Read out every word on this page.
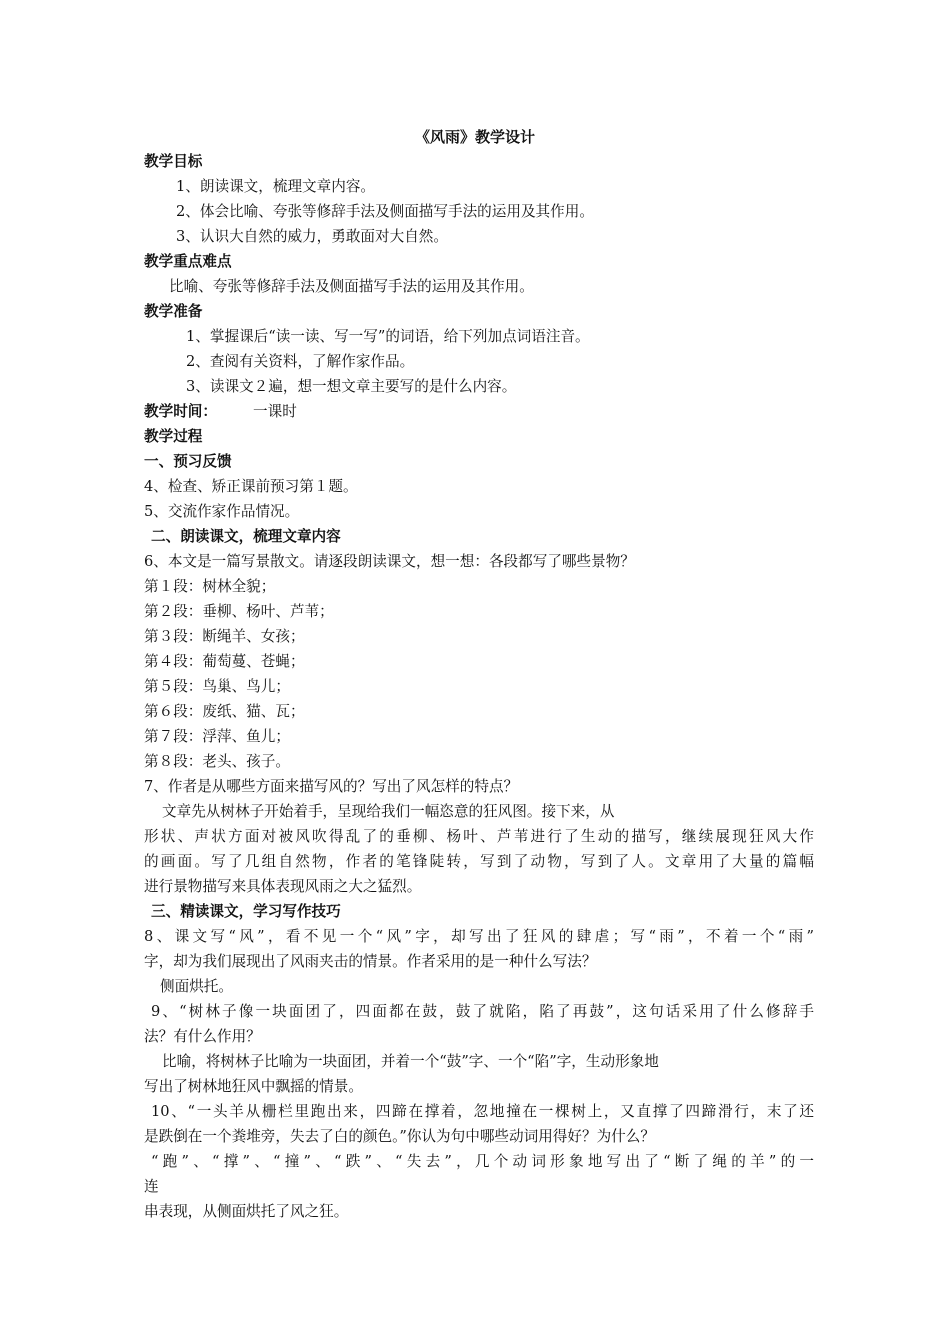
《风雨》教学设计
教学目标
1、朗读课文，梳理文章内容。
2、体会比喻、夸张等修辞手法及侧面描写手法的运用及其作用。
3、认识大自然的威力，勇敢面对大自然。
教学重点难点
比喻、夸张等修辞手法及侧面描写手法的运用及其作用。
教学准备
1、掌握课后“读一读、写一写”的词语，给下列加点词语注音。
2、查阅有关资料，了解作家作品。
3、读课文２遍，想一想文章主要写的是什么内容。
教学时间：	一课时
教学过程
一、预习反馈
4、检查、矫正课前预习第１题。
5、交流作家作品情况。
二、朗读课文，梳理文章内容
6、本文是一篇写景散文。请逐段朗读课文，想一想：各段都写了哪些景物？
第１段：树林全貌；
第２段：垂柳、杨叶、芦苇；
第３段：断绳羊、女孩；
第４段：葡萄蔓、苍蝇；
第５段：鸟巢、鸟儿；
第６段：废纸、猫、瓦；
第７段：浮萍、鱼儿；
第８段：老头、孩子。
7、作者是从哪些方面来描写风的？写出了风怎样的特点？
文章先从树林子开始着手，呈现给我们一幅恣意的狂风图。接下来，从
形状、声状方面对被风吹得乱了的垂柳、杨叶、芦苇进行了生动的描写，继续展现狂风大作
的画面。写了几组自然物，作者的笔锋陡转，写到了动物，写到了人。文章用了大量的篇幅
进行景物描写来具体表现风雨之大之猛烈。
三、精读课文，学习写作技巧
8、课文写“风”，看不见一个“风”字，却写出了狂风的肆虐；写“雨”，不着一个“雨”
字，却为我们展现出了风雨夹击的情景。作者采用的是一种什么写法？
侧面烘托。
9、“树林子像一块面团了，四面都在鼓，鼓了就陷，陷了再鼓”，这句话采用了什么修辞手
法？有什么作用？
比喻，将树林子比喻为一块面团，并着一个“鼓”字、一个“陷”字，生动形象地
写出了树林地狂风中飘摇的情景。
10、“一头羊从栅栏里跑出来，四蹄在撑着，忽地撞在一棵树上，又直撑了四蹄滑行，末了还
是跌倒在一个粪堆旁，失去了白的颜色。”你认为句中哪些动词用得好？为什么？
“跑”、“撑”、“撞”、“跌”、“失去”，几个动词形象地写出了“断了绳的羊”的一
连
串表现，从侧面烘托了风之狂。
